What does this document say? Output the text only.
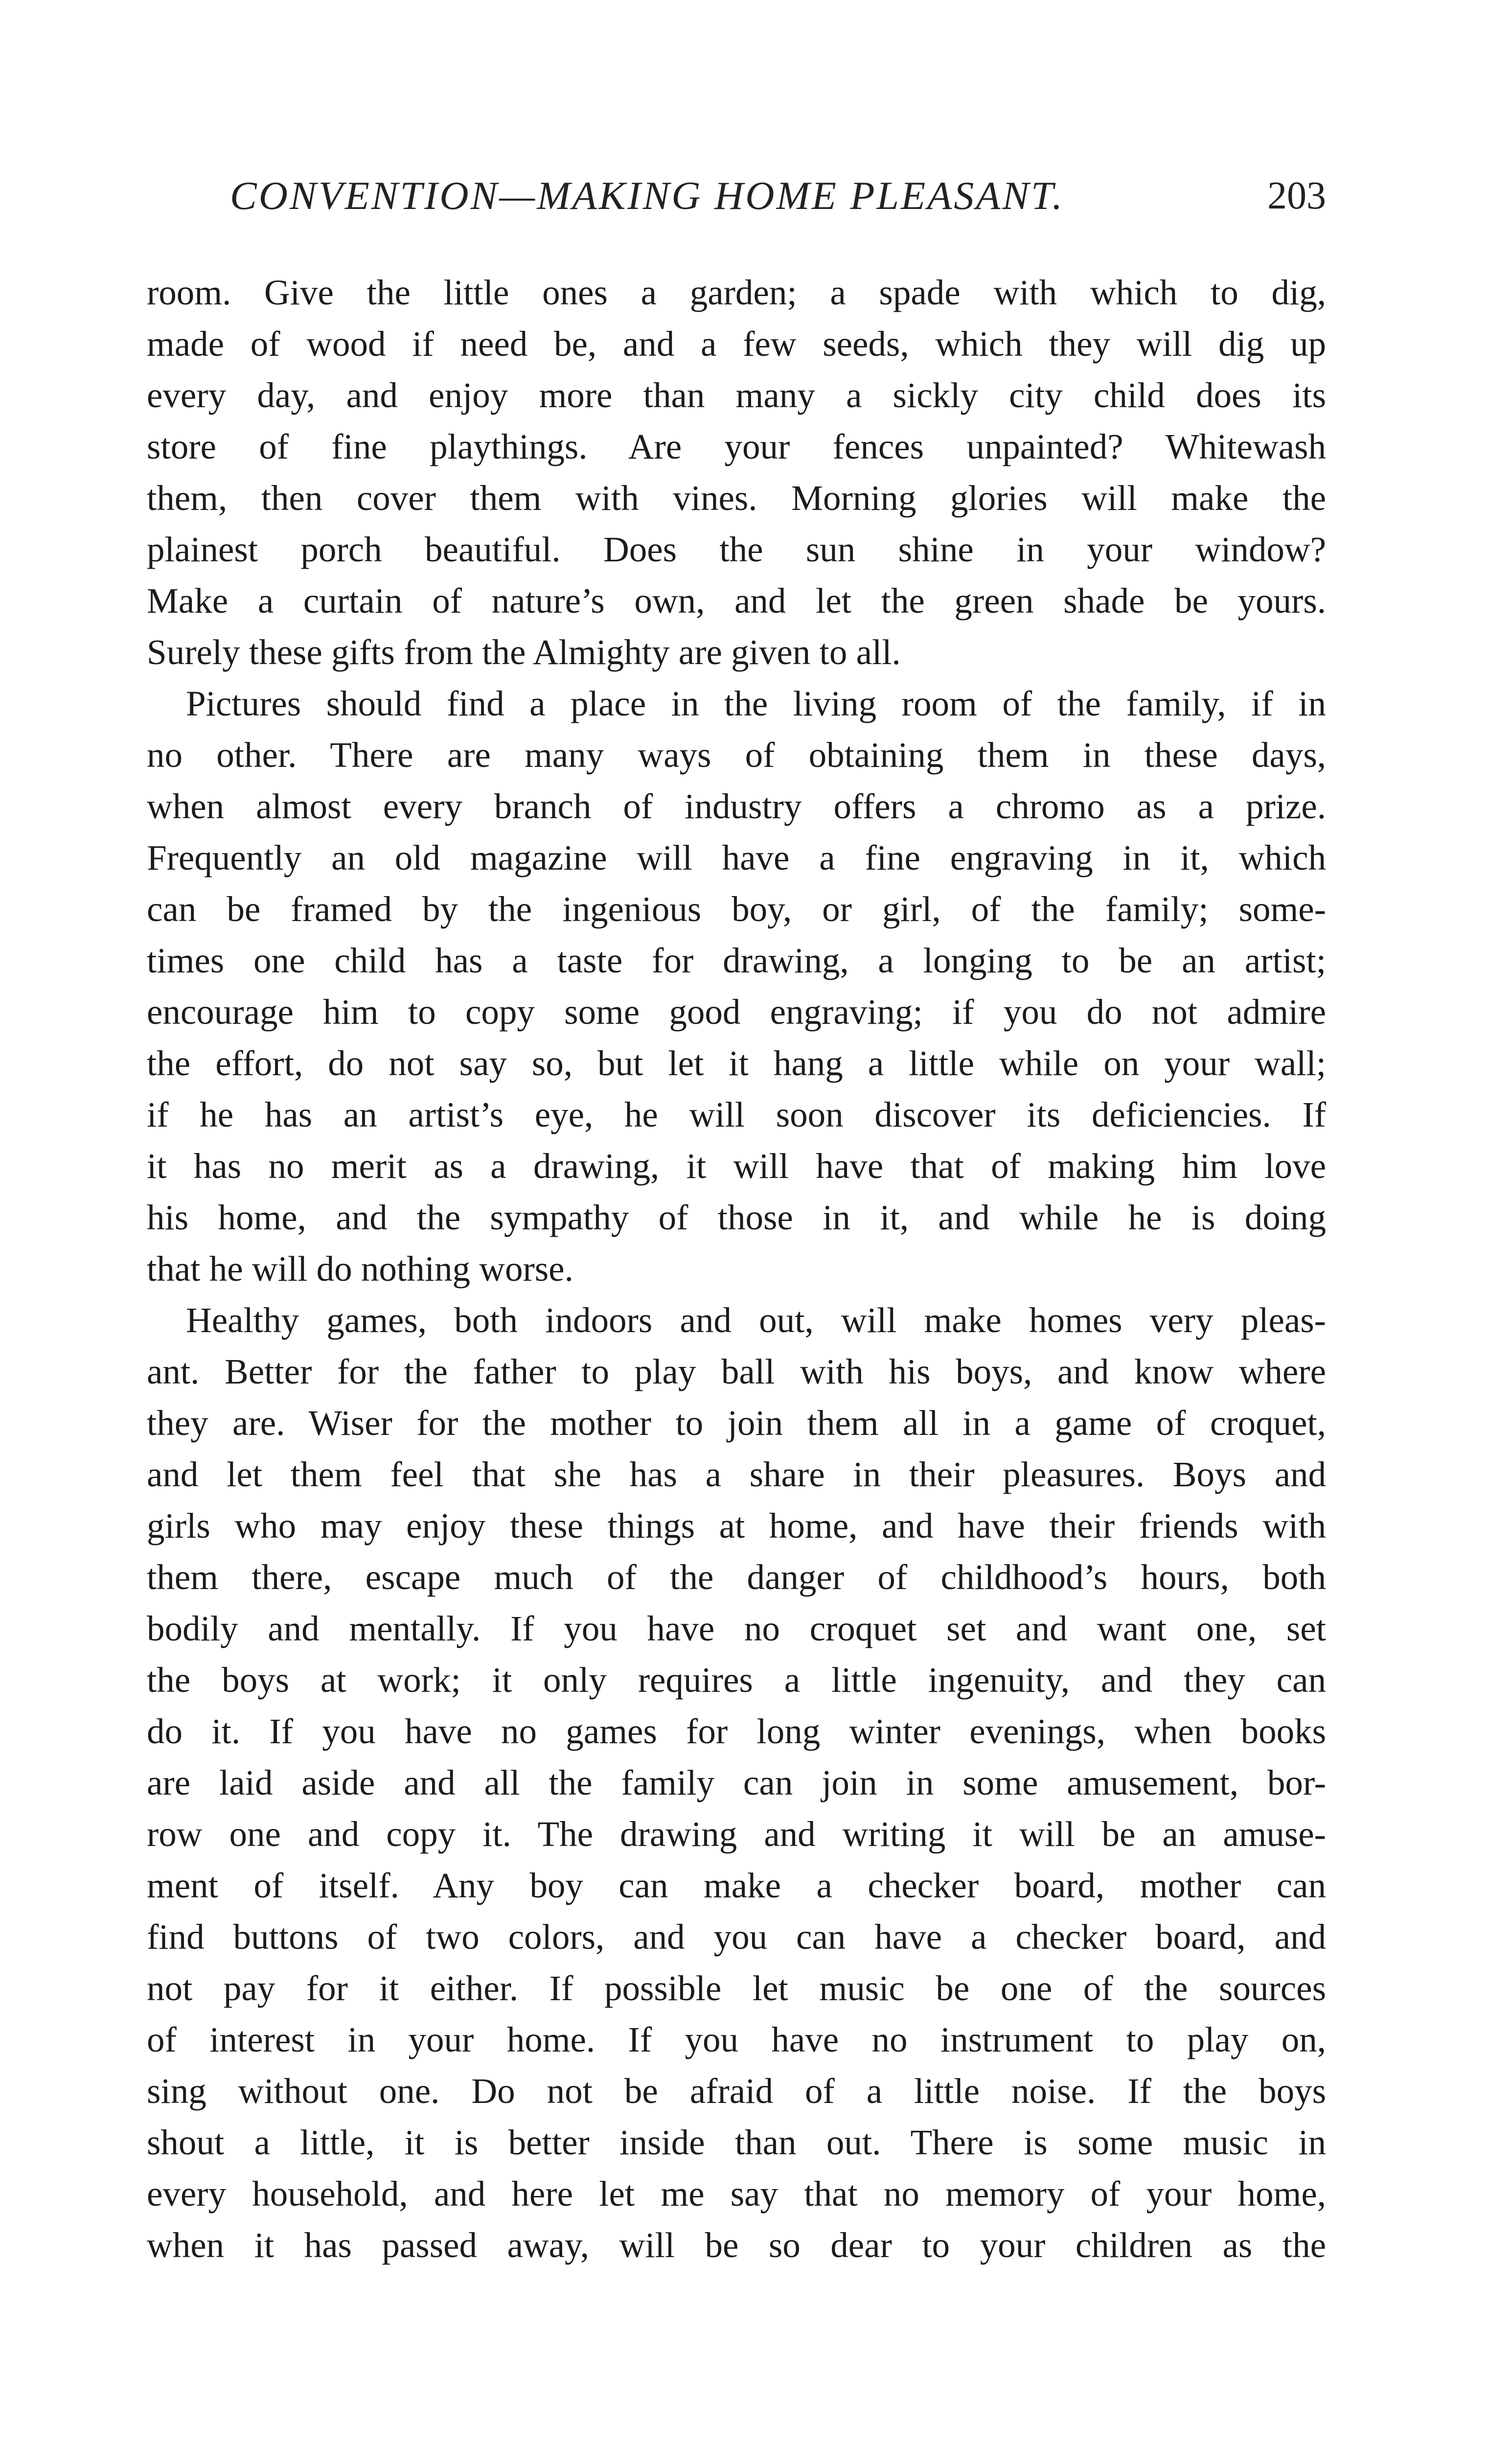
CONVENTION—MAKING HOME PLEASANT.	203
room. Give the little ones a garden; a spade with which to dig,
made of wood if need be, and a few seeds, which they will dig up
every day, and enjoy more than many a sickly city child does its
store of fine playthings. Are your fences unpainted? Whitewash
them, then cover them with vines. Morning glories will make the
plainest porch beautiful. Does the sun shine in your window?
Make a curtain of nature’s own, and let the green shade be yours.
Surely these gifts from the Almighty are given to all.
Pictures should find a place in the living room of the family, if in
no other. There are many ways of obtaining them in these days,
when almost every branch of industry offers a chromo as a prize.
Frequently an old magazine will have a fine engraving in it, which
can be framed by the ingenious boy, or girl, of the family; some-
times one child has a taste for drawing, a longing to be an artist;
encourage him to copy some good engraving; if you do not admire
the effort, do not say so, but let it hang a little while on your wall;
if he has an artist’s eye, he will soon discover its deficiencies. If
it has no merit as a drawing, it will have that of making him love
his home, and the sympathy of those in it, and while he is doing
that he will do nothing worse.
Healthy games, both indoors and out, will make homes very pleas-
ant. Better for the father to play ball with his boys, and know where
they are. Wiser for the mother to join them all in a game of croquet,
and let them feel that she has a share in their pleasures. Boys and
girls who may enjoy these things at home, and have their friends with
them there, escape much of the danger of childhood’s hours, both
bodily and mentally. If you have no croquet set and want one, set
the boys at work; it only requires a little ingenuity, and they can
do it. If you have no games for long winter evenings, when books
are laid aside and all the family can join in some amusement, bor-
row one and copy it. The drawing and writing it will be an amuse-
ment of itself. Any boy can make a checker board, mother can
find buttons of two colors, and you can have a checker board, and
not pay for it either. If possible let music be one of the sources
of interest in your home. If you have no instrument to play on,
sing without one. Do not be afraid of a little noise. If the boys
shout a little, it is better inside than out. There is some music in
every household, and here let me say that no memory of your home,
when it has passed away, will be so dear to your children as the
